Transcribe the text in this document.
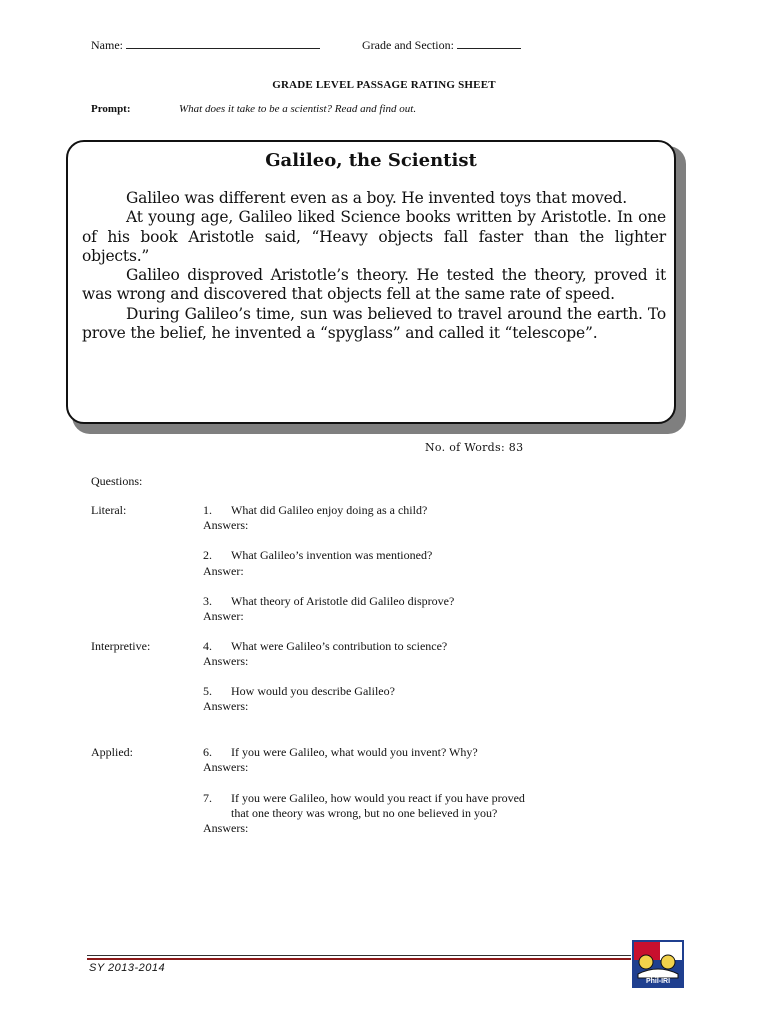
Name:	Grade and Section:
GRADE LEVEL PASSAGE RATING SHEET
Prompt:	What does it take to be a scientist? Read and find out.
Galileo, the Scientist

Galileo was different even as a boy. He invented toys that moved.

At young age, Galileo liked Science books written by Aristotle. In one of his book Aristotle said, “Heavy objects fall faster than the lighter objects.”

Galileo disproved Aristotle’s theory. He tested the theory, proved it was wrong and discovered that objects fell at the same rate of speed.

During Galileo’s time, sun was believed to travel around the earth. To prove the belief, he invented a “spyglass” and called it “telescope”.

No. of Words: 83
Questions:
Literal:
Interpretive:
Applied:
1. What did Galileo enjoy doing as a child?
Answers:
2. What Galileo’s invention was mentioned?
Answer:
3. What theory of Aristotle did Galileo disprove?
Answer:
4. What were Galileo’s contribution to science?
Answers:
5. How would you describe Galileo?
Answers:
6. If you were Galileo, what would you invent? Why?
Answers:
7. If you were Galileo, how would you react if you have proved
that one theory was wrong, but no one believed in you?
Answers:
SY 2013-2014
Phil-IRI
